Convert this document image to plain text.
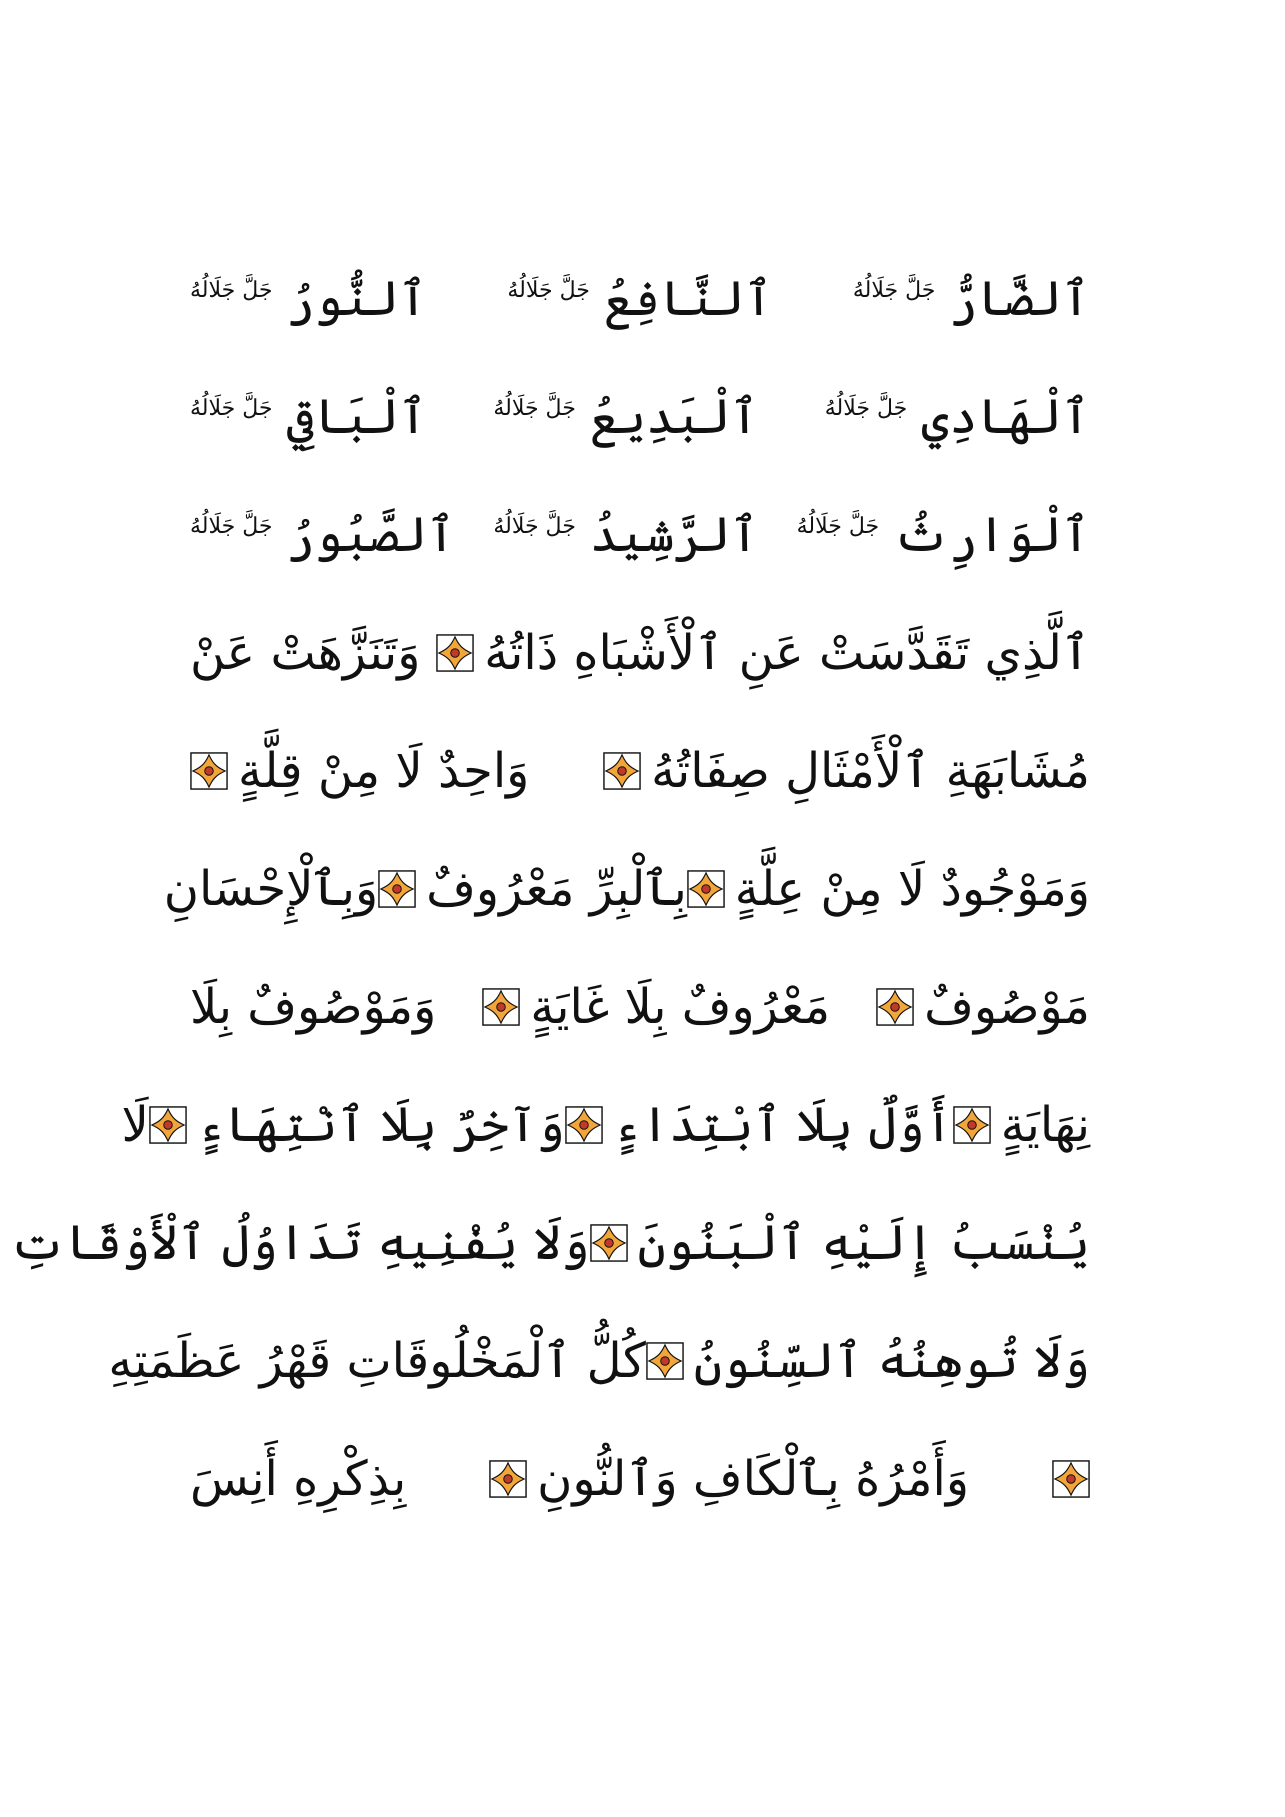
ٱلضَّارُّ
جَلَّ جَلَالُهُ
ٱلنَّافِعُ
جَلَّ جَلَالُهُ
ٱلنُّورُ
جَلَّ جَلَالُهُ
ٱلْهَادِي
جَلَّ جَلَالُهُ
ٱلْبَدِيعُ
جَلَّ جَلَالُهُ
ٱلْبَاقِي
جَلَّ جَلَالُهُ
ٱلْوَارِثُ
جَلَّ جَلَالُهُ
ٱلرَّشِيدُ
جَلَّ جَلَالُهُ
ٱلصَّبُورُ
جَلَّ جَلَالُهُ
ٱلَّذِي تَقَدَّسَتْ عَنِ ٱلْأَشْبَاهِ ذَاتُهُ
وَتَنَزَّهَتْ عَنْ
مُشَابَهَةِ ٱلْأَمْثَالِ صِفَاتُهُ
وَاحِدٌ لَا مِنْ قِلَّةٍ
وَمَوْجُودٌ لَا مِنْ عِلَّةٍ
بِٱلْبِرِّ مَعْرُوفٌ
وَبِٱلْإِحْسَانِ
مَوْصُوفٌ
مَعْرُوفٌ بِلَا غَايَةٍ
وَمَوْصُوفٌ بِلَا
نِهَايَةٍ
أَوَّلٌ بِلَا ٱبْتِدَاءٍ
وَآخِرٌ بِلَا ٱنْتِهَاءٍ
لَا
يُنْسَبُ إِلَيْهِ ٱلْبَنُونَ
وَلَا يُفْنِيهِ تَدَاوُلُ ٱلْأَوْقَاتِ
وَلَا تُوهِنُهُ ٱلسِّنُونُ
كُلُّ ٱلْمَخْلُوقَاتِ قَهْرُ عَظَمَتِهِ
وَأَمْرُهُ بِٱلْكَافِ وَٱلنُّونِ
بِذِكْرِهِ أَنِسَ
